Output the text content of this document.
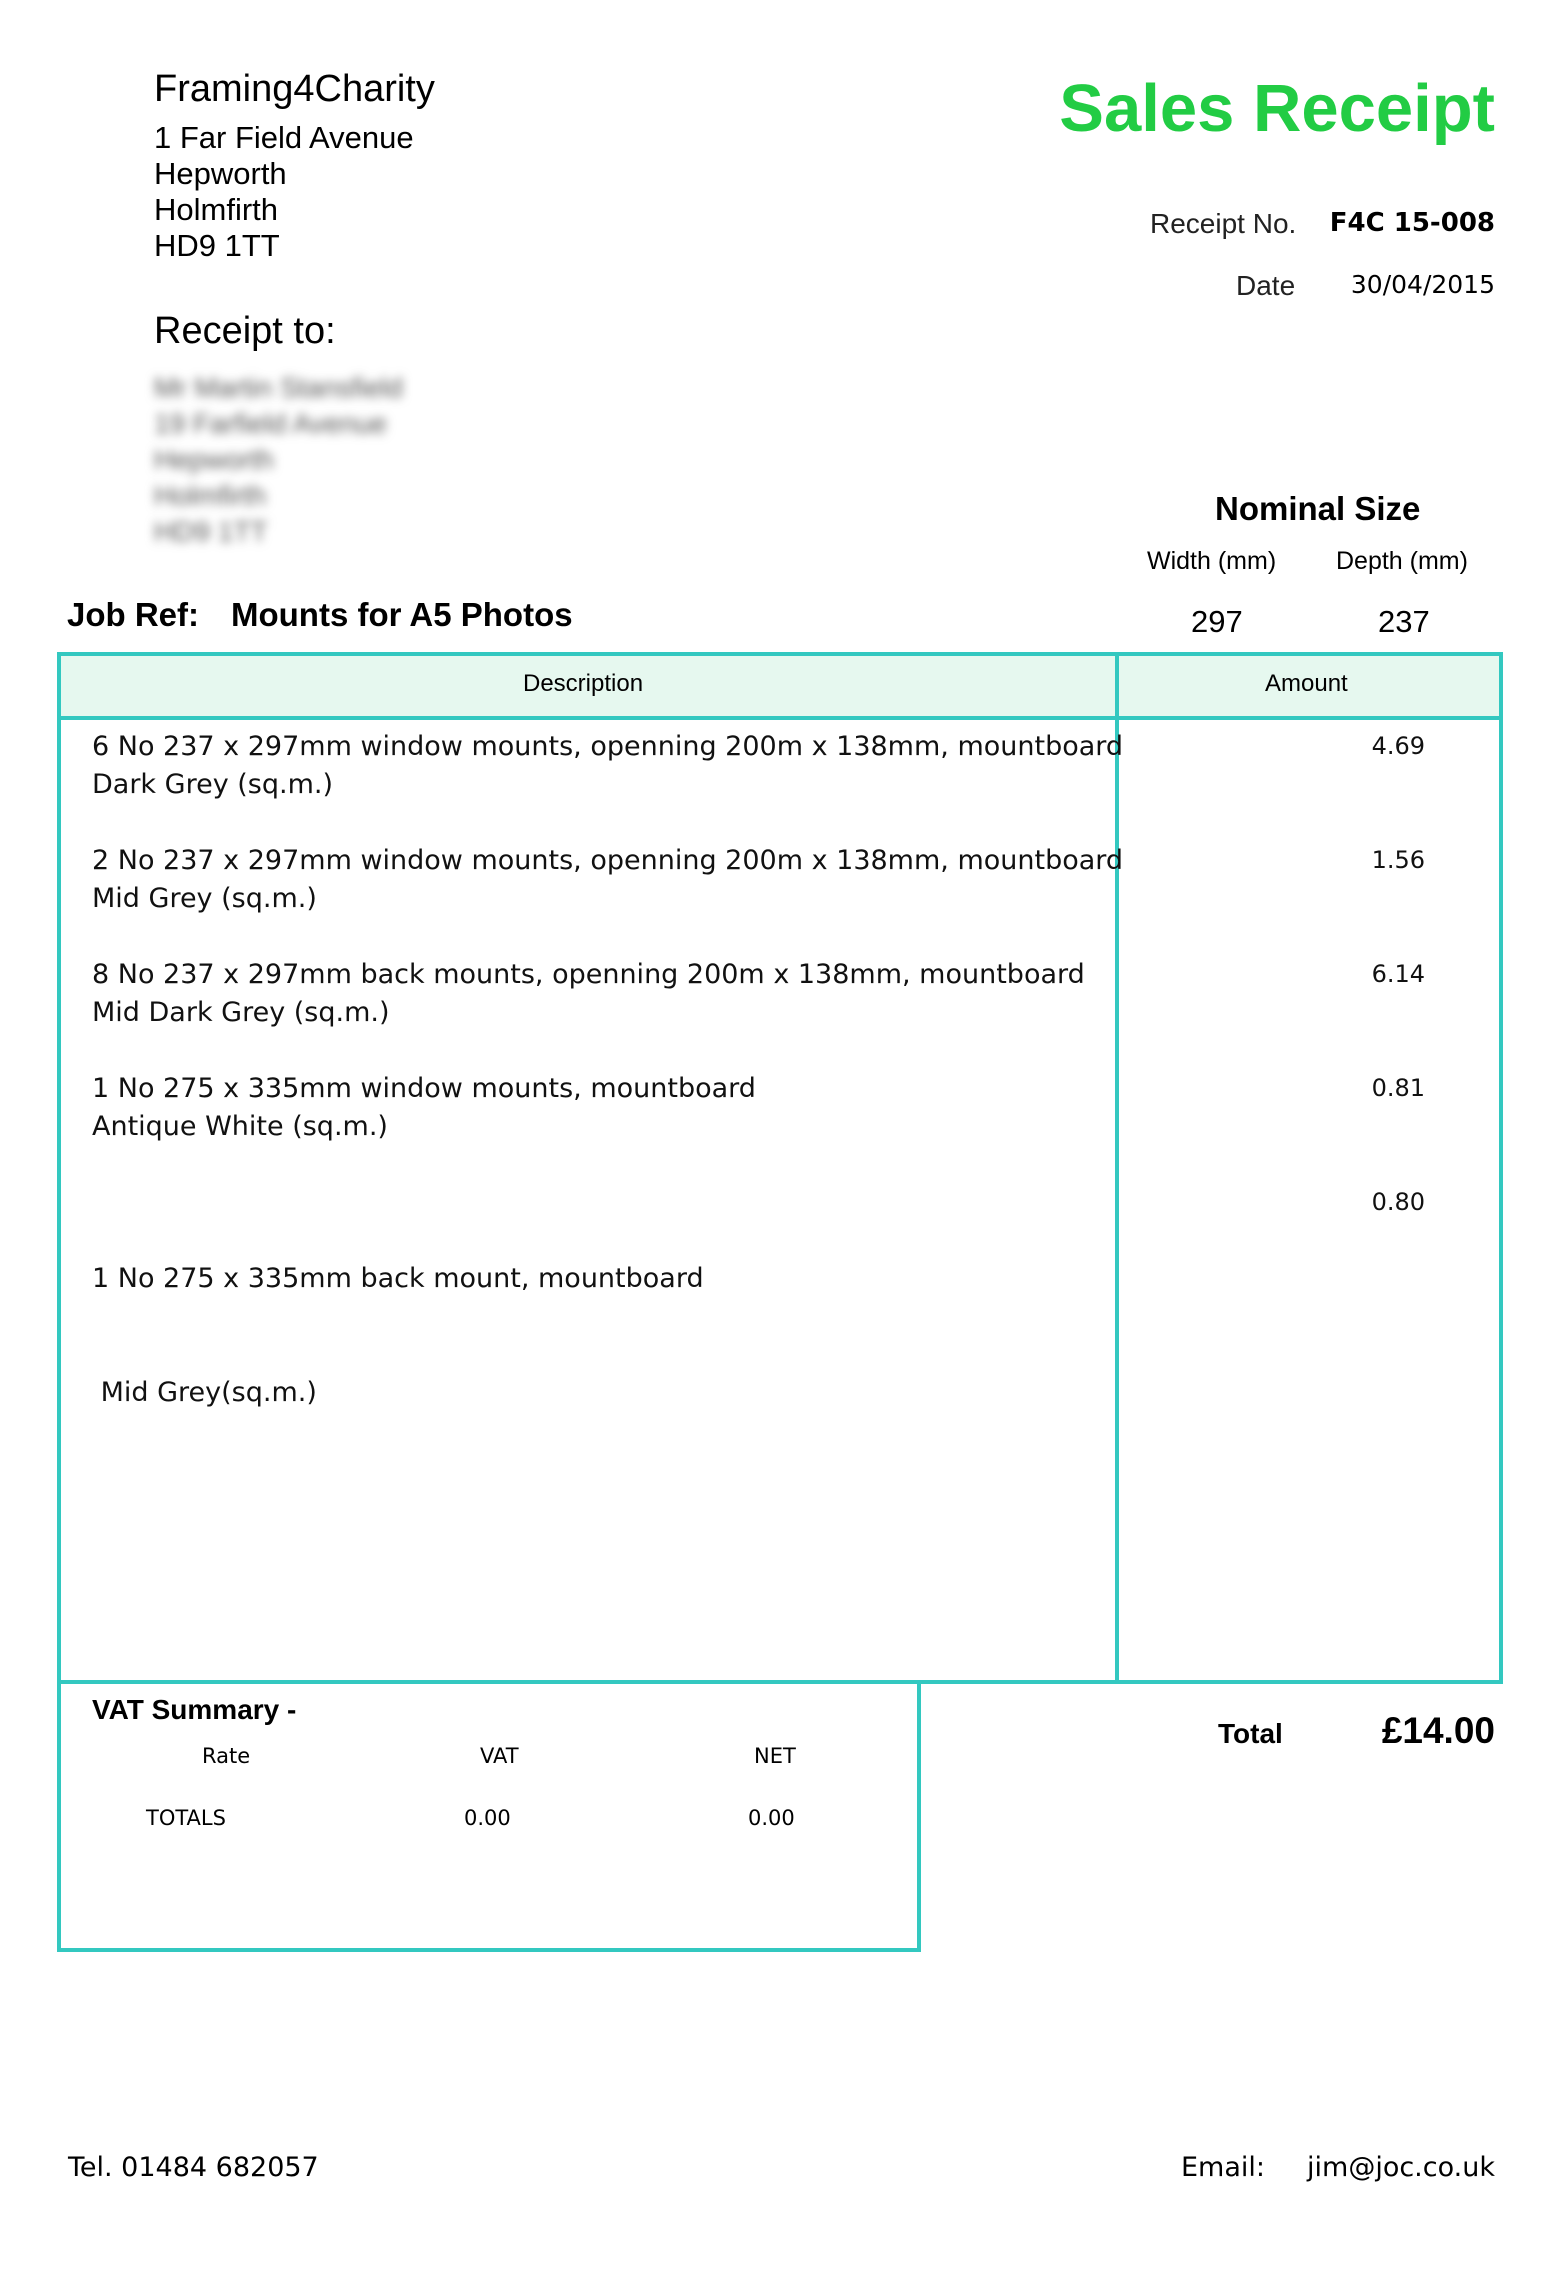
Framing4Charity
1 Far Field Avenue
Hepworth
Holmfirth
HD9 1TT
Sales Receipt
Receipt No. F4C 15-008
Date 30/04/2015
Receipt to:
Mr Martin Stansfield
19 Farfield Avenue
Hepworth
Holmfirth
HD9 1TT
Nominal Size
Width (mm) Depth (mm)
297	237
Job Ref: Mounts for A5 Photos
Description	Amount
6 No 237 x 297mm window mounts, openning 200m x 138mm, mountboard
Dark Grey (sq.m.)
4.69
2 No 237 x 297mm window mounts, openning 200m x 138mm, mountboard
Mid Grey (sq.m.)
1.56
8 No 237 x 297mm back mounts, openning 200m x 138mm, mountboard
Mid Dark Grey (sq.m.)
6.14
1 No 275 x 335mm window mounts, mountboard
Antique White (sq.m.)
0.81

1 No 275 x 335mm back mount, mountboard

Mid Grey(sq.m.)

0.80
VAT Summary -
Rate	VAT	NET
TOTALS	0.00	0.00
Total	£14.00
Tel. 01484 682057	Email: jim@joc.co.uk
